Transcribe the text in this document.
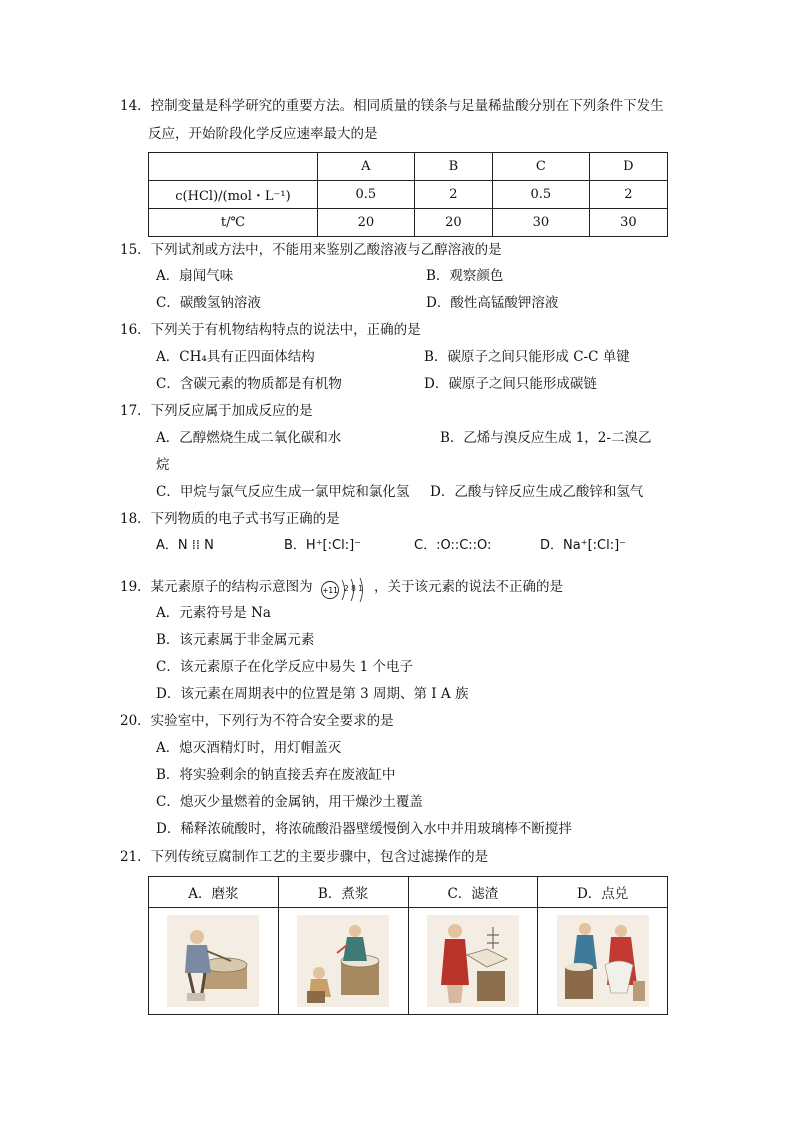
14．控制变量是科学研究的重要方法。相同质量的镁条与足量稀盐酸分别在下列条件下发生
反应，开始阶段化学反应速率最大的是
	A	B	C	D
c(HCl)/(mol・L⁻¹)	0.5	2	0.5	2
t/℃	20	20	30	30
15．下列试剂或方法中，不能用来鉴别乙酸溶液与乙醇溶液的是
A．扇闻气味	B．观察颜色
C．碳酸氢钠溶液	D．酸性高锰酸钾溶液
16．下列关于有机物结构特点的说法中，正确的是
A．CH₄具有正四面体结构	B．碳原子之间只能形成 C-C 单键
C．含碳元素的物质都是有机物	D．碳原子之间只能形成碳链
17．下列反应属于加成反应的是
A．乙醇燃烧生成二氧化碳和水	B．乙烯与溴反应生成 1，2-二溴乙
烷
C．甲烷与氯气反应生成一氯甲烷和氯化氢 D．乙酸与锌反应生成乙酸锌和氢气
18．下列物质的电子式书写正确的是
A．N ⁞⁞ N	B．H⁺[:Cl:]⁻	C．:O::C::O:	D．Na⁺[:Cl:]⁻
19．某元素原子的结构示意图为 +11 2 8 1 ，关于该元素的说法不正确的是
A．元素符号是 Na
B．该元素属于非金属元素
C．该元素原子在化学反应中易失 1 个电子
D．该元素在周期表中的位置是第 3 周期、第 Ⅰ A 族
20．实验室中，下列行为不符合安全要求的是
A．熄灭酒精灯时，用灯帽盖灭
B．将实验剩余的钠直接丢弃在废液缸中
C．熄灭少量燃着的金属钠，用干燥沙土覆盖
D．稀释浓硫酸时，将浓硫酸沿器壁缓慢倒入水中并用玻璃棒不断搅拌
21．下列传统豆腐制作工艺的主要步骤中，包含过滤操作的是
A．磨浆	B．煮浆	C．滤渣	D．点兑
